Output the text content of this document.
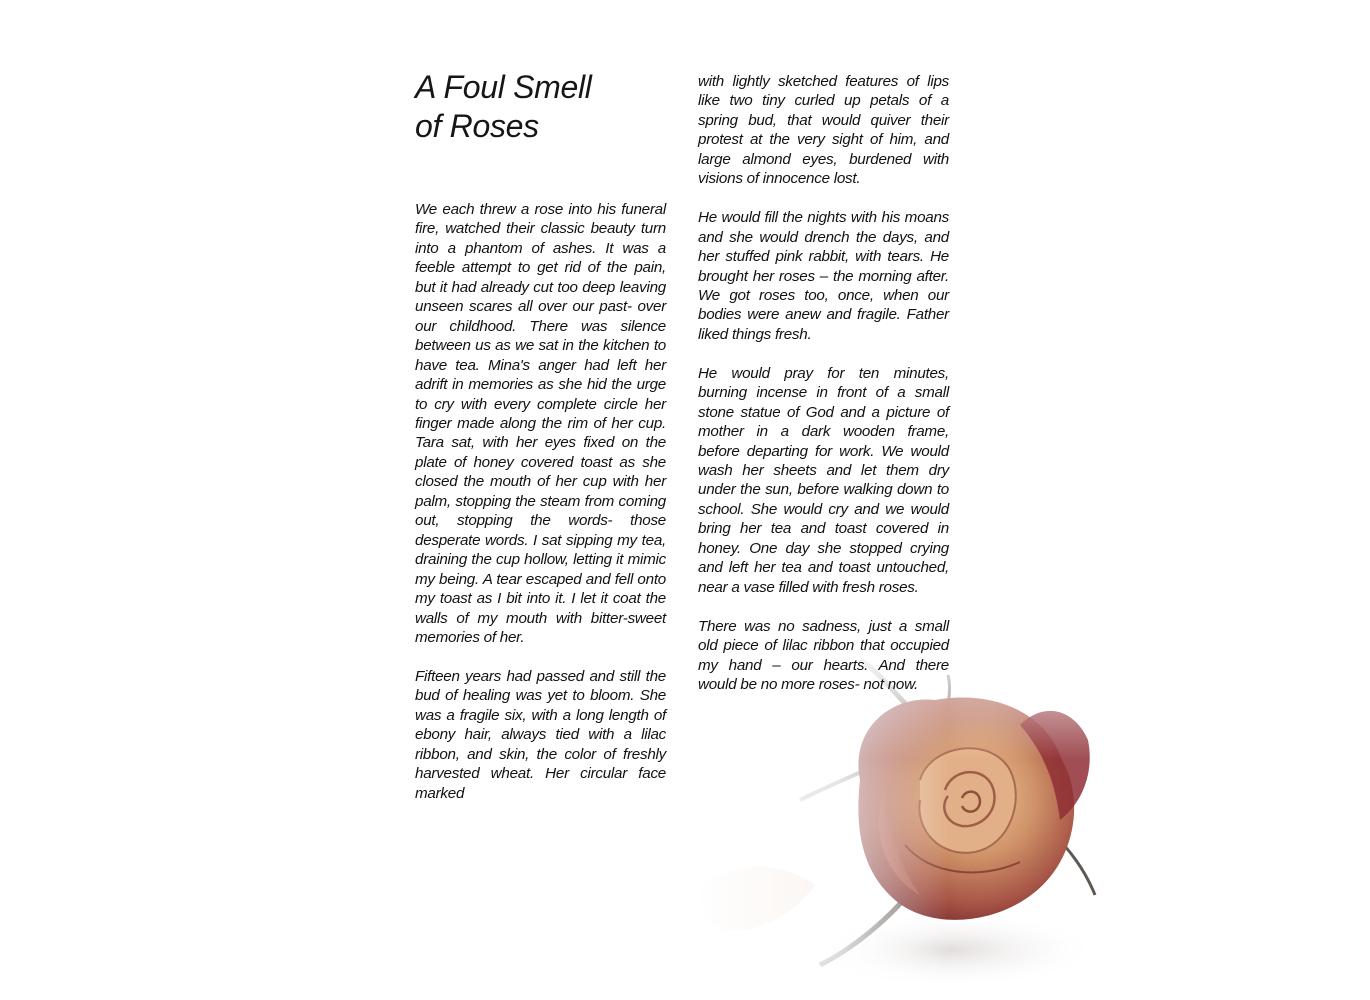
A Foul Smell
of Roses

We each threw a rose into his funeral fire, watched their classic beauty turn into a phantom of ashes. It was a feeble attempt to get rid of the pain, but it had already cut too deep leaving unseen scares all over our past- over our childhood. There was silence between us as we sat in the kitchen to have tea. Mina's anger had left her adrift in memories as she hid the urge to cry with every complete circle her finger made along the rim of her cup. Tara sat, with her eyes fixed on the plate of honey covered toast as she closed the mouth of her cup with her palm, stopping the steam from coming out, stopping the words- those desperate words. I sat sipping my tea, draining the cup hollow, letting it mimic my being. A tear escaped and fell onto my toast as I bit into it. I let it coat the walls of my mouth with bitter-sweet memories of her.

Fifteen years had passed and still the bud of healing was yet to bloom. She was a fragile six, with a long length of ebony hair, always tied with a lilac ribbon, and skin, the color of freshly harvested wheat. Her circular face marked

with lightly sketched features of lips like two tiny curled up petals of a spring bud, that would quiver their protest at the very sight of him, and large almond eyes, burdened with visions of innocence lost.

He would fill the nights with his moans and she would drench the days, and her stuffed pink rabbit, with tears. He brought her roses – the morning after. We got roses too, once, when our bodies were anew and fragile. Father liked things fresh.

He would pray for ten minutes, burning incense in front of a small stone statue of God and a picture of mother in a dark wooden frame, before departing for work. We would wash her sheets and let them dry under the sun, before walking down to school. She would cry and we would bring her tea and toast covered in honey. One day she stopped crying and left her tea and toast untouched, near a vase filled with fresh roses.

There was no sadness, just a small old piece of lilac ribbon that occupied my hand – our hearts. And there would be no more roses- not now.
